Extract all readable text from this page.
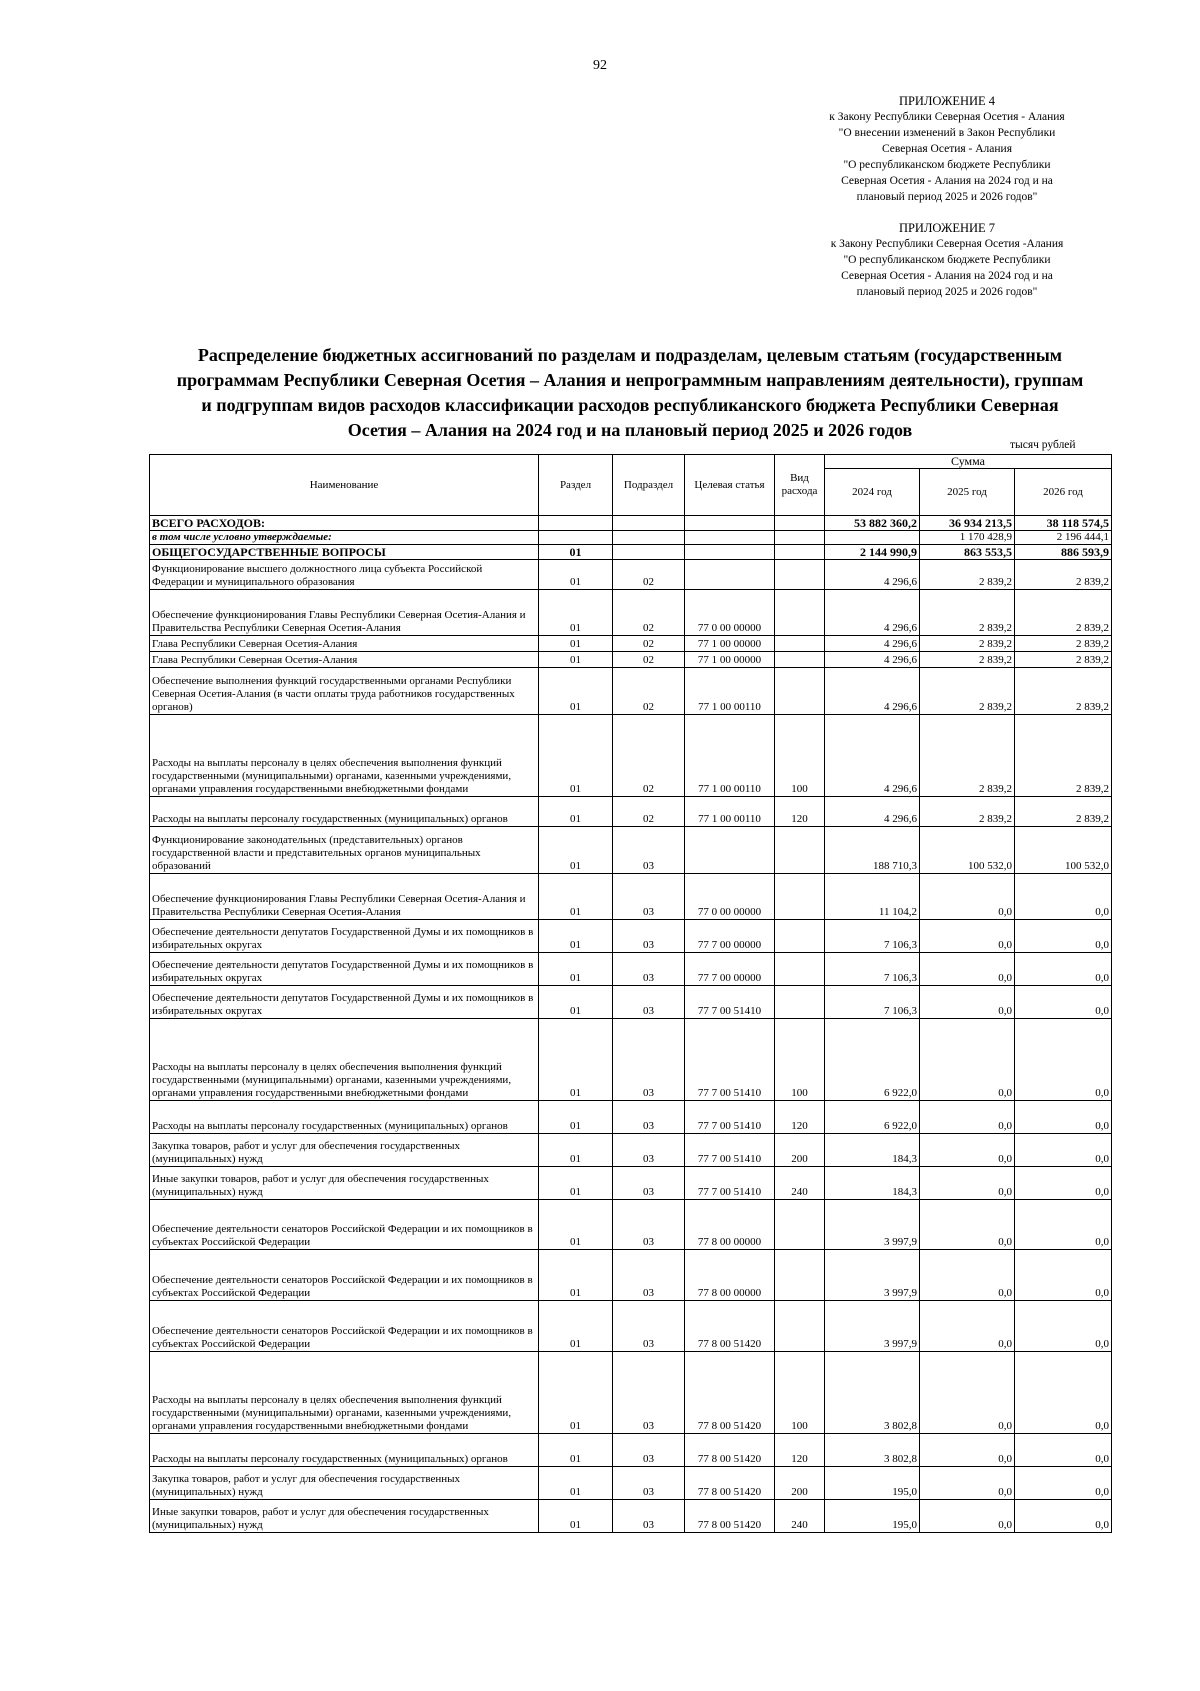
92
ПРИЛОЖЕНИЕ 4
к Закону Республики Северная Осетия - Алания
"О внесении изменений в Закон Республики
Северная Осетия - Алания
"О республиканском бюджете Республики
Северная Осетия - Алания на 2024 год и на
плановый период 2025 и 2026 годов"
ПРИЛОЖЕНИЕ 7
к Закону Республики Северная Осетия -Алания
"О республиканском бюджете Республики
Северная Осетия - Алания на 2024 год и на
плановый период 2025 и 2026 годов"
Распределение бюджетных ассигнований по разделам и подразделам, целевым статьям (государственным
программам Республики Северная Осетия – Алания и непрограммным направлениям деятельности), группам
и подгруппам видов расходов классификации расходов республиканского бюджета Республики Северная
Осетия – Алания на 2024 год и на плановый период 2025 и 2026 годов
тысяч рублей
Наименование	Раздел	Подраздел	Целевая статья	Вид расхода	Сумма		
					2024 год	2025 год	2026 год
ВСЕГО РАСХОДОВ:					53 882 360,2	36 934 213,5	38 118 574,5
в том числе условно утверждаемые:						1 170 428,9	2 196 444,1
ОБЩЕГОСУДАРСТВЕННЫЕ ВОПРОСЫ	01				2 144 990,9	863 553,5	886 593,9
Функционирование высшего должностного лица субъекта Российской Федерации и муниципального образования	01	02			4 296,6	2 839,2	2 839,2
Обеспечение функционирования Главы Республики Северная Осетия-Алания и Правительства Республики Северная Осетия-Алания	01	02	77 0 00 00000		4 296,6	2 839,2	2 839,2
Глава Республики Северная Осетия-Алания	01	02	77 1 00 00000		4 296,6	2 839,2	2 839,2
Глава Республики Северная Осетия-Алания	01	02	77 1 00 00000		4 296,6	2 839,2	2 839,2
Обеспечение выполнения функций государственными органами Республики Северная Осетия-Алания (в части оплаты труда работников государственных органов)	01	02	77 1 00 00110		4 296,6	2 839,2	2 839,2
Расходы на выплаты персоналу в целях обеспечения выполнения функций государственными (муниципальными) органами, казенными учреждениями, органами управления государственными внебюджетными фондами	01	02	77 1 00 00110	100	4 296,6	2 839,2	2 839,2
Расходы на выплаты персоналу государственных (муниципальных) органов	01	02	77 1 00 00110	120	4 296,6	2 839,2	2 839,2
Функционирование законодательных (представительных) органов государственной власти и представительных органов муниципальных образований	01	03			188 710,3	100 532,0	100 532,0
Обеспечение функционирования Главы Республики Северная Осетия-Алания и Правительства Республики Северная Осетия-Алания	01	03	77 0 00 00000		11 104,2	0,0	0,0
Обеспечение деятельности депутатов Государственной Думы и их помощников в избирательных округах	01	03	77 7 00 00000		7 106,3	0,0	0,0
Обеспечение деятельности депутатов Государственной Думы и их помощников в избирательных округах	01	03	77 7 00 00000		7 106,3	0,0	0,0
Обеспечение деятельности депутатов Государственной Думы и их помощников в избирательных округах	01	03	77 7 00 51410		7 106,3	0,0	0,0
Расходы на выплаты персоналу в целях обеспечения выполнения функций государственными (муниципальными) органами, казенными учреждениями, органами управления государственными внебюджетными фондами	01	03	77 7 00 51410	100	6 922,0	0,0	0,0
Расходы на выплаты персоналу государственных (муниципальных) органов	01	03	77 7 00 51410	120	6 922,0	0,0	0,0
Закупка товаров, работ и услуг для обеспечения государственных (муниципальных) нужд	01	03	77 7 00 51410	200	184,3	0,0	0,0
Иные закупки товаров, работ и услуг для обеспечения государственных (муниципальных) нужд	01	03	77 7 00 51410	240	184,3	0,0	0,0
Обеспечение деятельности сенаторов Российской Федерации и их помощников в субъектах Российской Федерации	01	03	77 8 00 00000		3 997,9	0,0	0,0
Обеспечение деятельности сенаторов Российской Федерации и их помощников в субъектах Российской Федерации	01	03	77 8 00 00000		3 997,9	0,0	0,0
Обеспечение деятельности сенаторов Российской Федерации и их помощников в субъектах Российской Федерации	01	03	77 8 00 51420		3 997,9	0,0	0,0
Расходы на выплаты персоналу в целях обеспечения выполнения функций государственными (муниципальными) органами, казенными учреждениями, органами управления государственными внебюджетными фондами	01	03	77 8 00 51420	100	3 802,8	0,0	0,0
Расходы на выплаты персоналу государственных (муниципальных) органов	01	03	77 8 00 51420	120	3 802,8	0,0	0,0
Закупка товаров, работ и услуг для обеспечения государственных (муниципальных) нужд	01	03	77 8 00 51420	200	195,0	0,0	0,0
Иные закупки товаров, работ и услуг для обеспечения государственных (муниципальных) нужд	01	03	77 8 00 51420	240	195,0	0,0	0,0
